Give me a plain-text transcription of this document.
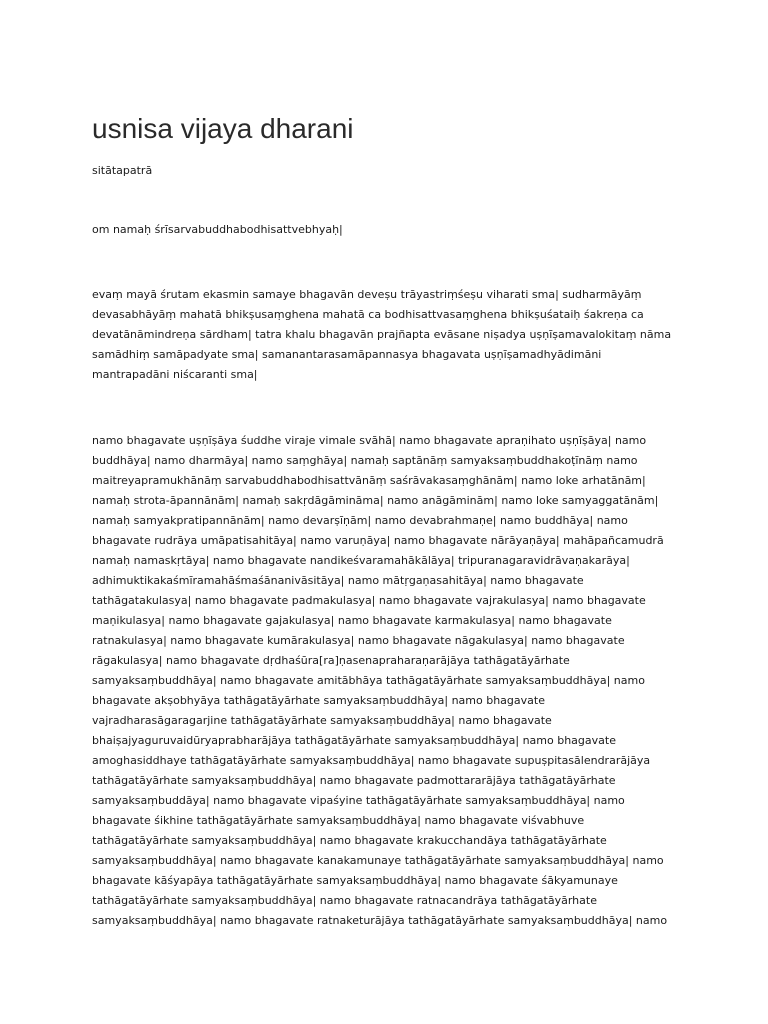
usnisa vijaya dharani

sitātapatrā

om namaḥ śrīsarvabuddhabodhisattvebhyaḥ|

evaṃ mayā śrutam ekasmin samaye bhagavān deveṣu trāyastriṃśeṣu viharati sma| sudharmāyāṃ
devasabhāyāṃ mahatā bhikṣusaṃghena mahatā ca bodhisattvasaṃghena bhikṣuśataiḥ śakreṇa ca
devatānāmindreṇa sārdham| tatra khalu bhagavān prajñapta evāsane niṣadya uṣṇīṣamavalokitaṃ nāma
samādhiṃ samāpadyate sma| samanantarasamāpannasya bhagavata uṣṇīṣamadhyādimāni
mantrapadāni niścaranti sma|

namo bhagavate uṣṇīṣāya śuddhe viraje vimale svāhā| namo bhagavate apraṇihato uṣṇīṣāya| namo
buddhāya| namo dharmāya| namo saṃghāya| namaḥ saptānāṃ samyaksaṃbuddhakoṭīnāṃ namo
maitreyapramukhānāṃ sarvabuddhabodhisattvānāṃ saśrāvakasaṃghānām| namo loke arhatānām|
namaḥ strota-āpannānām| namaḥ sakṛdāgāmināma| namo anāgāminām| namo loke samyaggatānām|
namaḥ samyakpratipannānām| namo devarṣīṇām| namo devabrahmaṇe| namo buddhāya| namo
bhagavate rudrāya umāpatisahitāya| namo varuṇāya| namo bhagavate nārāyaṇāya| mahāpañcamudrā
namaḥ namaskṛtāya| namo bhagavate nandikeśvaramahākālāya| tripuranagaravidrāvaṇakarāya|
adhimuktikakaśmīramahāśmaśānanivāsitāya| namo mātṛgaṇasahitāya| namo bhagavate
tathāgatakulasya| namo bhagavate padmakulasya| namo bhagavate vajrakulasya| namo bhagavate
maṇikulasya| namo bhagavate gajakulasya| namo bhagavate karmakulasya| namo bhagavate
ratnakulasya| namo bhagavate kumārakulasya| namo bhagavate nāgakulasya| namo bhagavate
rāgakulasya| namo bhagavate dṛdhaśūra[ra]ṇasenapraharaṇarājāya tathāgatāyārhate
samyaksaṃbuddhāya| namo bhagavate amitābhāya tathāgatāyārhate samyaksaṃbuddhāya| namo
bhagavate akṣobhyāya tathāgatāyārhate samyaksaṃbuddhāya| namo bhagavate
vajradharasāgaragarjine tathāgatāyārhate samyaksaṃbuddhāya| namo bhagavate
bhaiṣajyaguruvaidūryaprabharājāya tathāgatāyārhate samyaksaṃbuddhāya| namo bhagavate
amoghasiddhaye tathāgatāyārhate samyaksaṃbuddhāya| namo bhagavate supuṣpitasālendrarājāya
tathāgatāyārhate samyaksaṃbuddhāya| namo bhagavate padmottararājāya tathāgatāyārhate
samyaksaṃbuddāya| namo bhagavate vipaśyine tathāgatāyārhate samyaksaṃbuddhāya| namo
bhagavate śikhine tathāgatāyārhate samyaksaṃbuddhāya| namo bhagavate viśvabhuve
tathāgatāyārhate samyaksaṃbuddhāya| namo bhagavate krakucchandāya tathāgatāyārhate
samyaksaṃbuddhāya| namo bhagavate kanakamunaye tathāgatāyārhate samyaksaṃbuddhāya| namo
bhagavate kāśyapāya tathāgatāyārhate samyaksaṃbuddhāya| namo bhagavate śākyamunaye
tathāgatāyārhate samyaksaṃbuddhāya| namo bhagavate ratnacandrāya tathāgatāyārhate
samyaksaṃbuddhāya| namo bhagavate ratnaketurājāya tathāgatāyārhate samyaksaṃbuddhāya| namo
